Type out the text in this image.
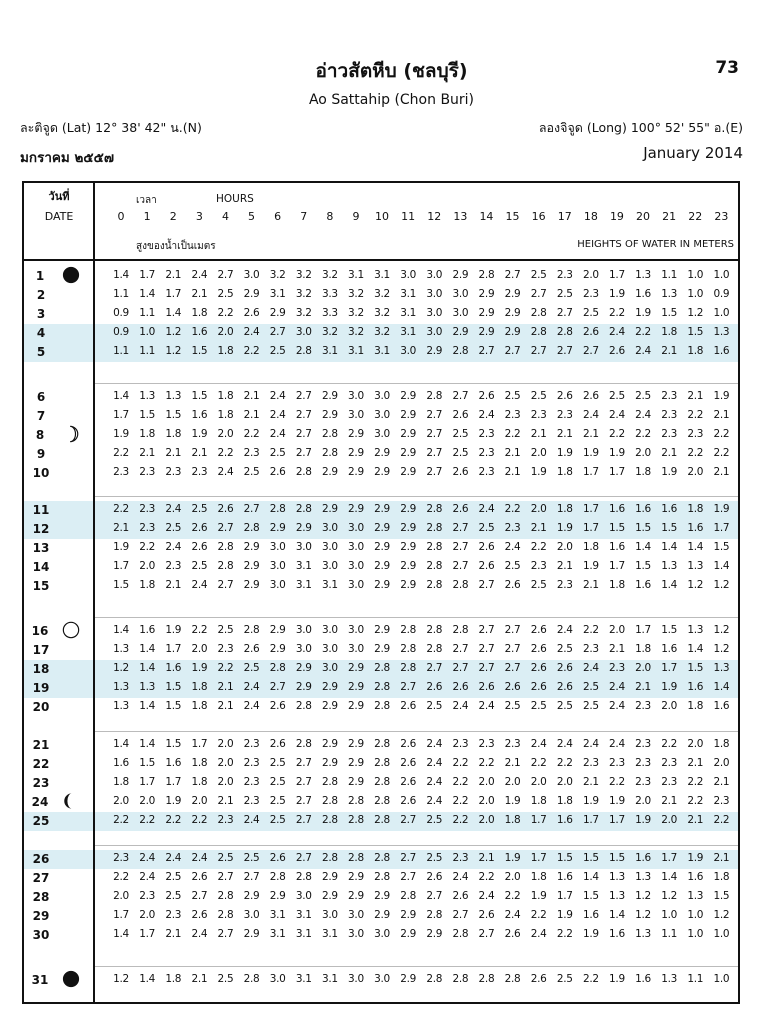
73
อ่าวสัตหีบ (ชลบุรี)
Ao Sattahip (Chon Buri)
ละติจูด (Lat) 12° 38' 42" น.(N)	ลองจิจูด (Long) 100° 52' 55" อ.(E)
มกราคม ๒๕๕๗	January 2014
วันที่
DATE
เวลา	HOURS
สูงของน้ำเป็นเมตร	HEIGHTS OF WATER IN METERS
0	1	2	3	4	5	6	7	8	9	10	11	12	13	14	15	16	17	18	19	20	21	22	23
1	1.4 1.7 2.1 2.4 2.7 3.0 3.2 3.2 3.2 3.1 3.1 3.0 3.0 2.9 2.8 2.7 2.5 2.3 2.0 1.7 1.3 1.1 1.0 1.0
2	1.1 1.4 1.7 2.1 2.5 2.9 3.1 3.2 3.3 3.2 3.2 3.1 3.0 3.0 2.9 2.9 2.7 2.5 2.3 1.9 1.6 1.3 1.0 0.9
3	0.9 1.1 1.4 1.8 2.2 2.6 2.9 3.2 3.3 3.2 3.2 3.1 3.0 3.0 2.9 2.9 2.8 2.7 2.5 2.2 1.9 1.5 1.2 1.0
4	0.9 1.0 1.2 1.6 2.0 2.4 2.7 3.0 3.2 3.2 3.2 3.1 3.0 2.9 2.9 2.9 2.8 2.8 2.6 2.4 2.2 1.8 1.5 1.3
5	1.1 1.1 1.2 1.5 1.8 2.2 2.5 2.8 3.1 3.1 3.1 3.0 2.9 2.8 2.7 2.7 2.7 2.7 2.7 2.6 2.4 2.1 1.8 1.6
6	1.4 1.3 1.3 1.5 1.8 2.1 2.4 2.7 2.9 3.0 3.0 2.9 2.8 2.7 2.6 2.5 2.5 2.6 2.6 2.5 2.5 2.3 2.1 1.9
7	1.7 1.5 1.5 1.6 1.8 2.1 2.4 2.7 2.9 3.0 3.0 2.9 2.7 2.6 2.4 2.3 2.3 2.3 2.4 2.4 2.4 2.3 2.2 2.1
8	1.9 1.8 1.8 1.9 2.0 2.2 2.4 2.7 2.8 2.9 3.0 2.9 2.7 2.5 2.3 2.2 2.1 2.1 2.1 2.2 2.2 2.3 2.3 2.2
9	2.2 2.1 2.1 2.1 2.2 2.3 2.5 2.7 2.8 2.9 2.9 2.9 2.7 2.5 2.3 2.1 2.0 1.9 1.9 1.9 2.0 2.1 2.2 2.2
10	2.3 2.3 2.3 2.3 2.4 2.5 2.6 2.8 2.9 2.9 2.9 2.9 2.7 2.6 2.3 2.1 1.9 1.8 1.7 1.7 1.8 1.9 2.0 2.1
11	2.2 2.3 2.4 2.5 2.6 2.7 2.8 2.8 2.9 2.9 2.9 2.9 2.8 2.6 2.4 2.2 2.0 1.8 1.7 1.6 1.6 1.6 1.8 1.9
12	2.1 2.3 2.5 2.6 2.7 2.8 2.9 2.9 3.0 3.0 2.9 2.9 2.8 2.7 2.5 2.3 2.1 1.9 1.7 1.5 1.5 1.5 1.6 1.7
13	1.9 2.2 2.4 2.6 2.8 2.9 3.0 3.0 3.0 3.0 2.9 2.9 2.8 2.7 2.6 2.4 2.2 2.0 1.8 1.6 1.4 1.4 1.4 1.5
14	1.7 2.0 2.3 2.5 2.8 2.9 3.0 3.1 3.0 3.0 2.9 2.9 2.8 2.7 2.6 2.5 2.3 2.1 1.9 1.7 1.5 1.3 1.3 1.4
15	1.5 1.8 2.1 2.4 2.7 2.9 3.0 3.1 3.1 3.0 2.9 2.9 2.8 2.8 2.7 2.6 2.5 2.3 2.1 1.8 1.6 1.4 1.2 1.2
16	1.4 1.6 1.9 2.2 2.5 2.8 2.9 3.0 3.0 3.0 2.9 2.8 2.8 2.8 2.7 2.7 2.6 2.4 2.2 2.0 1.7 1.5 1.3 1.2
17	1.3 1.4 1.7 2.0 2.3 2.6 2.9 3.0 3.0 3.0 2.9 2.8 2.8 2.7 2.7 2.7 2.6 2.5 2.3 2.1 1.8 1.6 1.4 1.2
18	1.2 1.4 1.6 1.9 2.2 2.5 2.8 2.9 3.0 2.9 2.8 2.8 2.7 2.7 2.7 2.7 2.6 2.6 2.4 2.3 2.0 1.7 1.5 1.3
19	1.3 1.3 1.5 1.8 2.1 2.4 2.7 2.9 2.9 2.9 2.8 2.7 2.6 2.6 2.6 2.6 2.6 2.6 2.5 2.4 2.1 1.9 1.6 1.4
20	1.3 1.4 1.5 1.8 2.1 2.4 2.6 2.8 2.9 2.9 2.8 2.6 2.5 2.4 2.4 2.5 2.5 2.5 2.5 2.4 2.3 2.0 1.8 1.6
21	1.4 1.4 1.5 1.7 2.0 2.3 2.6 2.8 2.9 2.9 2.8 2.6 2.4 2.3 2.3 2.3 2.4 2.4 2.4 2.4 2.3 2.2 2.0 1.8
22	1.6 1.5 1.6 1.8 2.0 2.3 2.5 2.7 2.9 2.9 2.8 2.6 2.4 2.2 2.2 2.1 2.2 2.2 2.3 2.3 2.3 2.3 2.1 2.0
23	1.8 1.7 1.7 1.8 2.0 2.3 2.5 2.7 2.8 2.9 2.8 2.6 2.4 2.2 2.0 2.0 2.0 2.0 2.1 2.2 2.3 2.3 2.2 2.1
24	2.0 2.0 1.9 2.0 2.1 2.3 2.5 2.7 2.8 2.8 2.8 2.6 2.4 2.2 2.0 1.9 1.8 1.8 1.9 1.9 2.0 2.1 2.2 2.3
25	2.2 2.2 2.2 2.2 2.3 2.4 2.5 2.7 2.8 2.8 2.8 2.7 2.5 2.2 2.0 1.8 1.7 1.6 1.7 1.7 1.9 2.0 2.1 2.2
26	2.3 2.4 2.4 2.4 2.5 2.5 2.6 2.7 2.8 2.8 2.8 2.7 2.5 2.3 2.1 1.9 1.7 1.5 1.5 1.5 1.6 1.7 1.9 2.1
27	2.2 2.4 2.5 2.6 2.7 2.7 2.8 2.8 2.9 2.9 2.8 2.7 2.6 2.4 2.2 2.0 1.8 1.6 1.4 1.3 1.3 1.4 1.6 1.8
28	2.0 2.3 2.5 2.7 2.8 2.9 2.9 3.0 2.9 2.9 2.9 2.8 2.7 2.6 2.4 2.2 1.9 1.7 1.5 1.3 1.2 1.2 1.3 1.5
29	1.7 2.0 2.3 2.6 2.8 3.0 3.1 3.1 3.0 3.0 2.9 2.9 2.8 2.7 2.6 2.4 2.2 1.9 1.6 1.4 1.2 1.0 1.0 1.2
30	1.4 1.7 2.1 2.4 2.7 2.9 3.1 3.1 3.1 3.0 3.0 2.9 2.9 2.8 2.7 2.6 2.4 2.2 1.9 1.6 1.3 1.1 1.0 1.0
31	1.2 1.4 1.8 2.1 2.5 2.8 3.0 3.1 3.1 3.0 3.0 2.9 2.8 2.8 2.8 2.8 2.6 2.5 2.2 1.9 1.6 1.3 1.1 1.0
